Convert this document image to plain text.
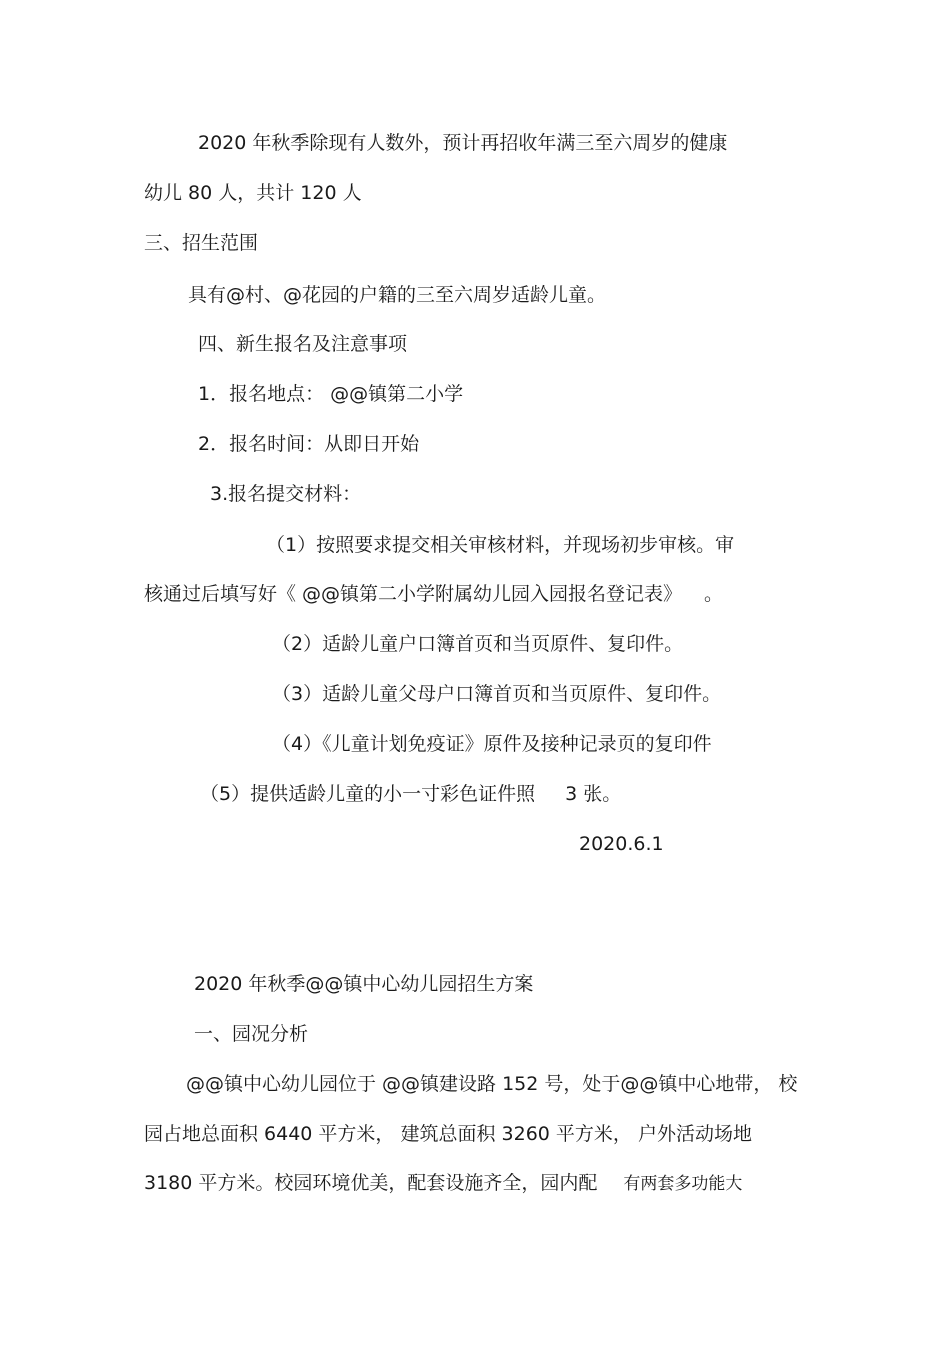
2020 年秋季除现有人数外，预计再招收年满三至六周岁的健康
幼儿 80 人，共计 120 人
三、招生范围
具有@村、@花园的户籍的三至六周岁适龄儿童。
四、新生报名及注意事项
1．报名地点： @@镇第二小学
2．报名时间：从即日开始
3.报名提交材料：
（1）按照要求提交相关审核材料，并现场初步审核。审
核通过后填写好《 @@镇第二小学附属幼儿园入园报名登记表》 。
（2）适龄儿童户口簿首页和当页原件、复印件。
（3）适龄儿童父母户口簿首页和当页原件、复印件。
（4）《儿童计划免疫证》原件及接种记录页的复印件
（5）提供适龄儿童的小一寸彩色证件照 3 张。
2020.6.1
2020 年秋季@@镇中心幼儿园招生方案
一、园况分析
@@镇中心幼儿园位于 @@镇建设路 152 号，处于@@镇中心地带， 校
园占地总面积 6440 平方米， 建筑总面积 3260 平方米， 户外活动场地
3180 平方米。校园环境优美，配套设施齐全，园内配 有两套多功能大
